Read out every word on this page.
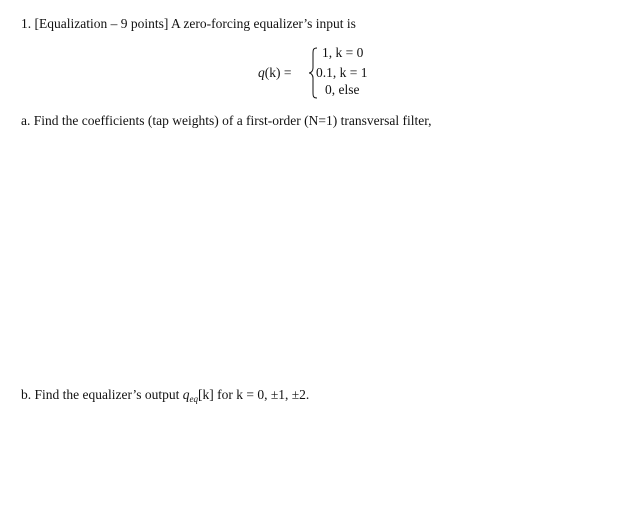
1. [Equalization – 9 points] A zero-forcing equalizer’s input is
q(k) =
1, k = 0
0.1, k = 1
0, else
a. Find the coefficients (tap weights) of a first-order (N=1) transversal filter,
b. Find the equalizer’s output $q_{eq}[k]$ for k = 0, ±1, ±2.
